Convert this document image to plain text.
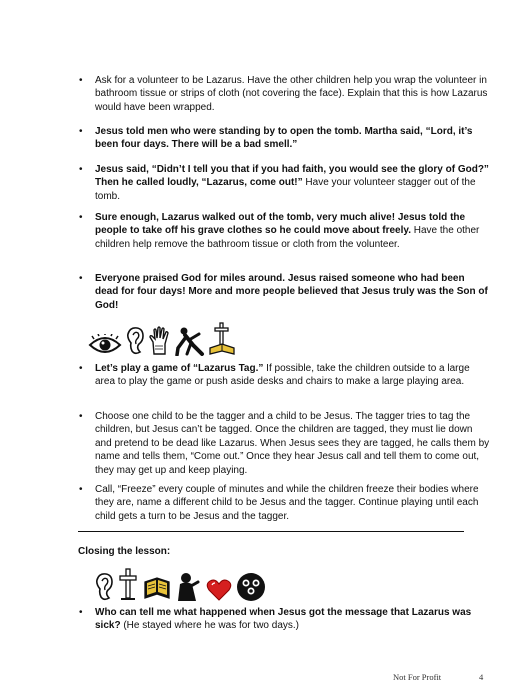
• Ask for a volunteer to be Lazarus. Have the other children help you wrap the volunteer in bathroom tissue or strips of cloth (not covering the face). Explain that this is how Lazarus would have been wrapped.

• Jesus told men who were standing by to open the tomb. Martha said, “Lord, it’s been four days. There will be a bad smell.”

• Jesus said, “Didn’t I tell you that if you had faith, you would see the glory of God?” Then he called loudly, “Lazarus, come out!” Have your volunteer stagger out of the tomb.

• Sure enough, Lazarus walked out of the tomb, very much alive! Jesus told the people to take off his grave clothes so he could move about freely. Have the other children help remove the bathroom tissue or cloth from the volunteer.

• Everyone praised God for miles around. Jesus raised someone who had been dead for four days! More and more people believed that Jesus truly was the Son of God!

• Let’s play a game of “Lazarus Tag.” If possible, take the children outside to a large area to play the game or push aside desks and chairs to make a large playing area.

• Choose one child to be the tagger and a child to be Jesus. The tagger tries to tag the children, but Jesus can’t be tagged. Once the children are tagged, they must lie down and pretend to be dead like Lazarus. When Jesus sees they are tagged, he calls them by name and tells them, “Come out.” Once they hear Jesus call and tell them to come out, they may get up and keep playing.

• Call, “Freeze” every couple of minutes and while the children freeze their bodies where they are, name a different child to be Jesus and the tagger. Continue playing until each child gets a turn to be Jesus and the tagger.

Closing the lesson:

• Who can tell me what happened when Jesus got the message that Lazarus was sick? (He stayed where he was for two days.)

Not For Profit	4
